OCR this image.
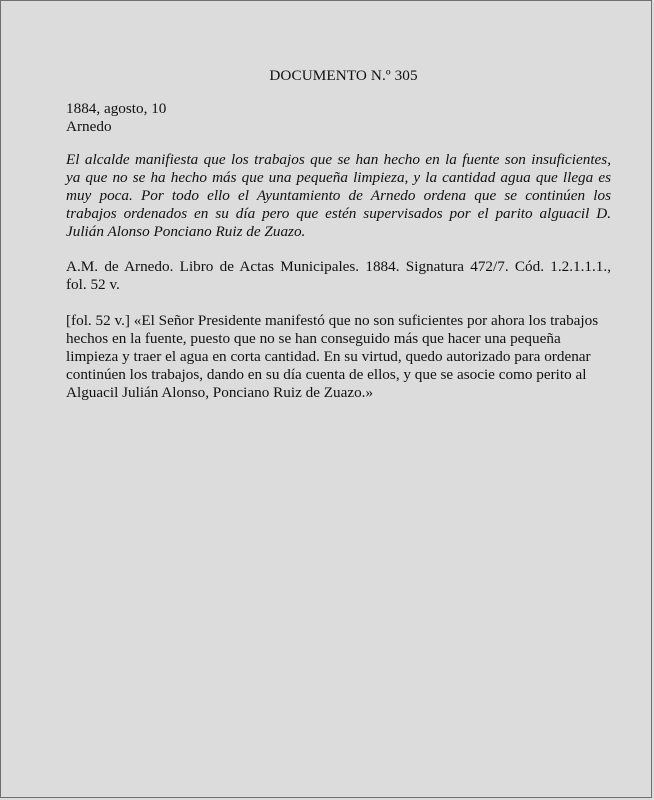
DOCUMENTO N.º 305
1884, agosto, 10
Arnedo
El alcalde manifiesta que los trabajos que se han hecho en la fuente son insuficientes,
ya que no se ha hecho más que una pequeña limpieza, y la cantidad agua que llega es
muy poca. Por todo ello el Ayuntamiento de Arnedo ordena que se continúen los
trabajos ordenados en su día pero que estén supervisados por el parito alguacil D.
Julián Alonso Ponciano Ruiz de Zuazo.
A.M. de Arnedo. Libro de Actas Municipales. 1884. Signatura 472/7. Cód. 1.2.1.1.1.,
fol. 52 v.
[fol. 52 v.] «El Señor Presidente manifestó que no son suficientes por ahora los trabajos
hechos en la fuente, puesto que no se han conseguido más que hacer una pequeña
limpieza y traer el agua en corta cantidad. En su virtud, quedo autorizado para ordenar
continúen los trabajos, dando en su día cuenta de ellos, y que se asocie como perito al
Alguacil Julián Alonso, Ponciano Ruiz de Zuazo.»
